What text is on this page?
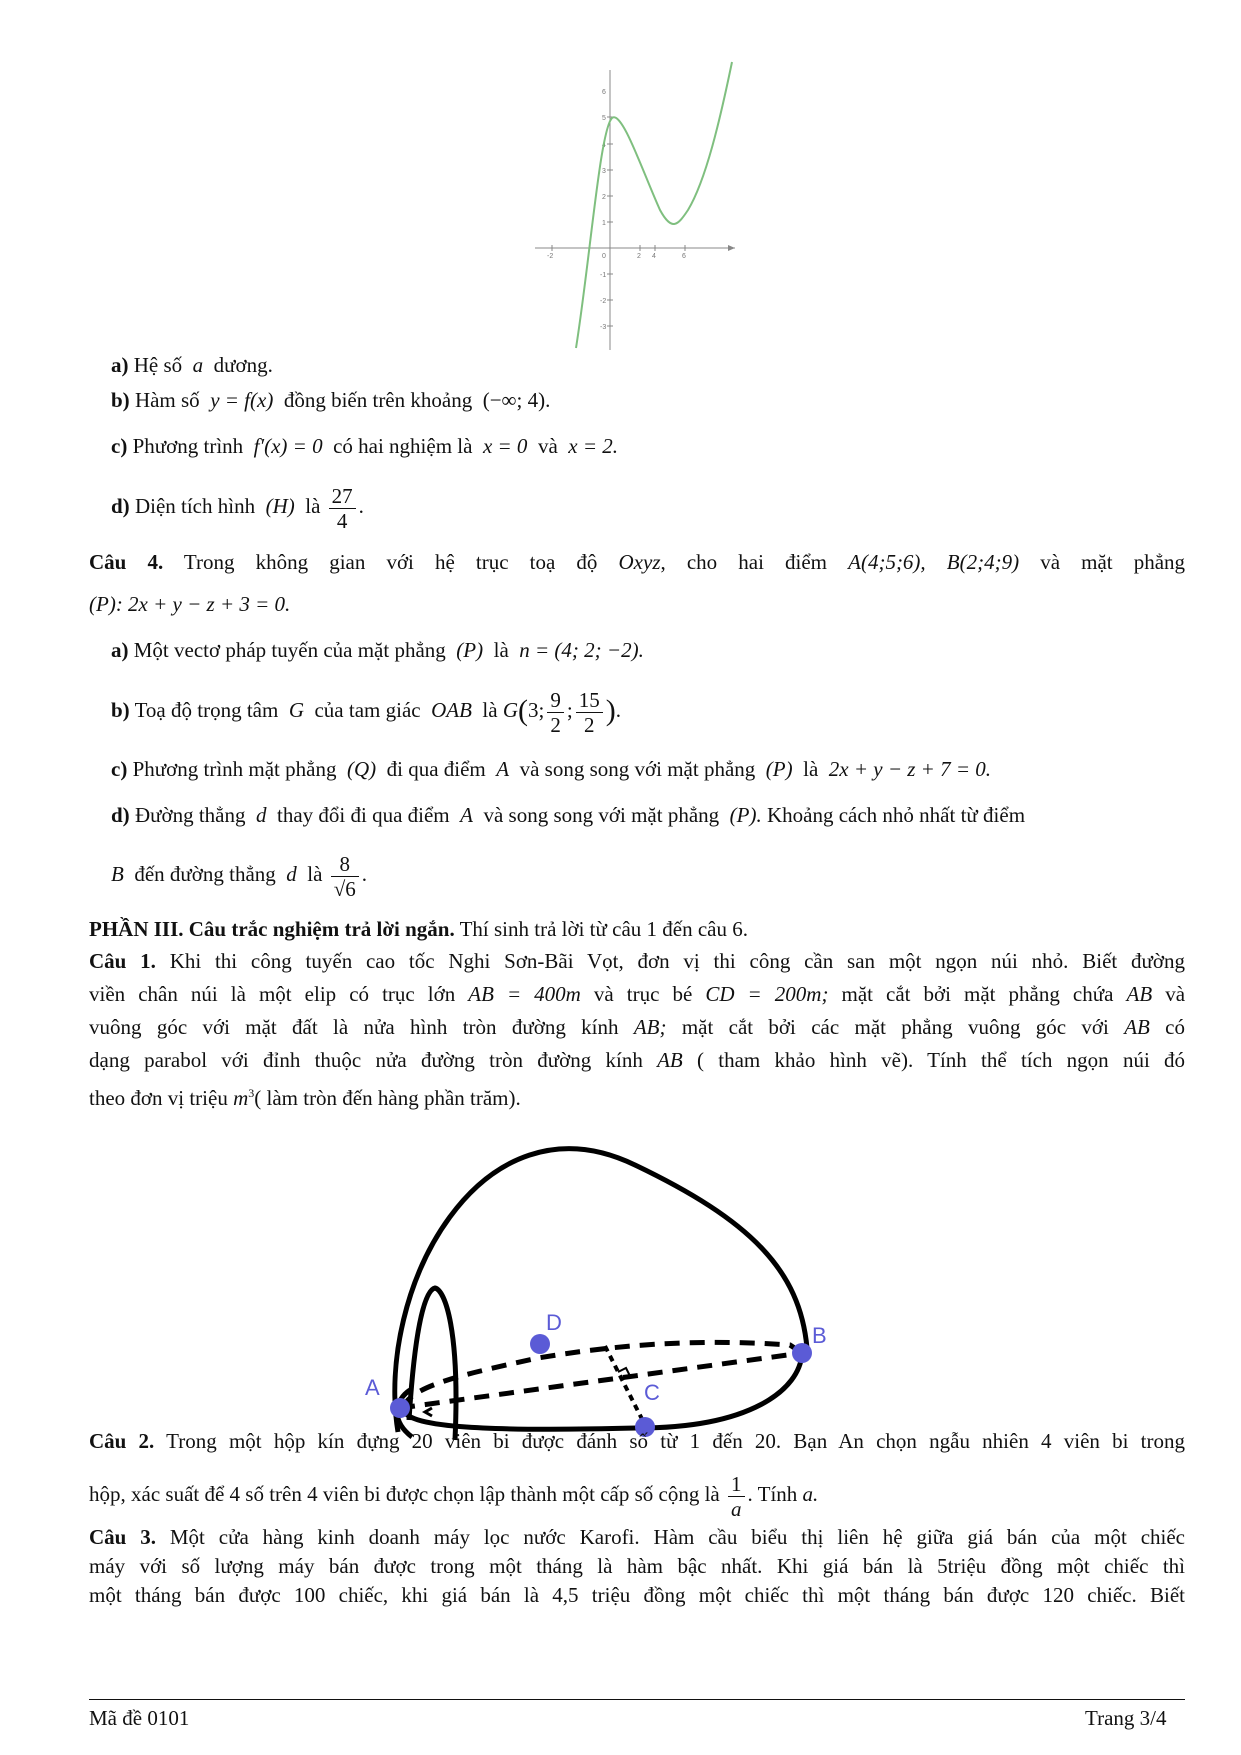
-2	2 4	6
0
-1
-2
-3
1
2
3
4
5
6
a) Hệ số a dương.
b) Hàm số y = f(x) đồng biến trên khoảng (−∞; 4).
c) Phương trình f′(x) = 0 có hai nghiệm là x = 0 và x = 2.
d) Diện tích hình (H) là $\frac{27}{4}$ .
Câu 4. Trong không gian với hệ trục toạ độ Oxyz, cho hai điểm A(4;5;6), B(2;4;9) và mặt phẳng
(P): 2x + y − z + 3 = 0.
a) Một vectơ pháp tuyến của mặt phẳng (P) là n = (4; 2; −2).
b) Toạ độ trọng tâm G của tam giác OAB là G(3; $\frac{9}{2}$ ; $\frac{15}{2}$ ).
c) Phương trình mặt phẳng (Q) đi qua điểm A và song song với mặt phẳng (P) là 2x + y − z + 7 = 0.
d) Đường thẳng d thay đổi đi qua điểm A và song song với mặt phẳng (P). Khoảng cách nhỏ nhất từ điểm
B đến đường thẳng d là $\frac{8}{√6}$ .
PHẦN III. Câu trắc nghiệm trả lời ngắn. Thí sinh trả lời từ câu 1 đến câu 6.
Câu 1. Khi thi công tuyến cao tốc Nghi Sơn-Bãi Vọt, đơn vị thi công cần san một ngọn núi nhỏ. Biết đường
viền chân núi là một elip có trục lớn AB = 400m và trục bé CD = 200m; mặt cắt bởi mặt phẳng chứa AB và
vuông góc với mặt đất là nửa hình tròn đường kính AB; mặt cắt bởi các mặt phẳng vuông góc với AB có
dạng parabol với đỉnh thuộc nửa đường tròn đường kính AB ( tham khảo hình vẽ). Tính thể tích ngọn núi đó
theo đơn vị triệu $m^3$( làm tròn đến hàng phần trăm).
A
B
C
D
Câu 2. Trong một hộp kín đựng 20 viên bi được đánh số từ 1 đến 20. Bạn An chọn ngẫu nhiên 4 viên bi trong
hộp, xác suất để 4 số trên 4 viên bi được chọn lập thành một cấp số cộng là $\frac{1}{a}$ . Tính a.
Câu 3. Một cửa hàng kinh doanh máy lọc nước Karofi. Hàm cầu biểu thị liên hệ giữa giá bán của một chiếc
máy với số lượng máy bán được trong một tháng là hàm bậc nhất. Khi giá bán là 5triệu đồng một chiếc thì
một tháng bán được 100 chiếc, khi giá bán là 4,5 triệu đồng một chiếc thì một tháng bán được 120 chiếc. Biết
Mã đề 0101	Trang 3/4
